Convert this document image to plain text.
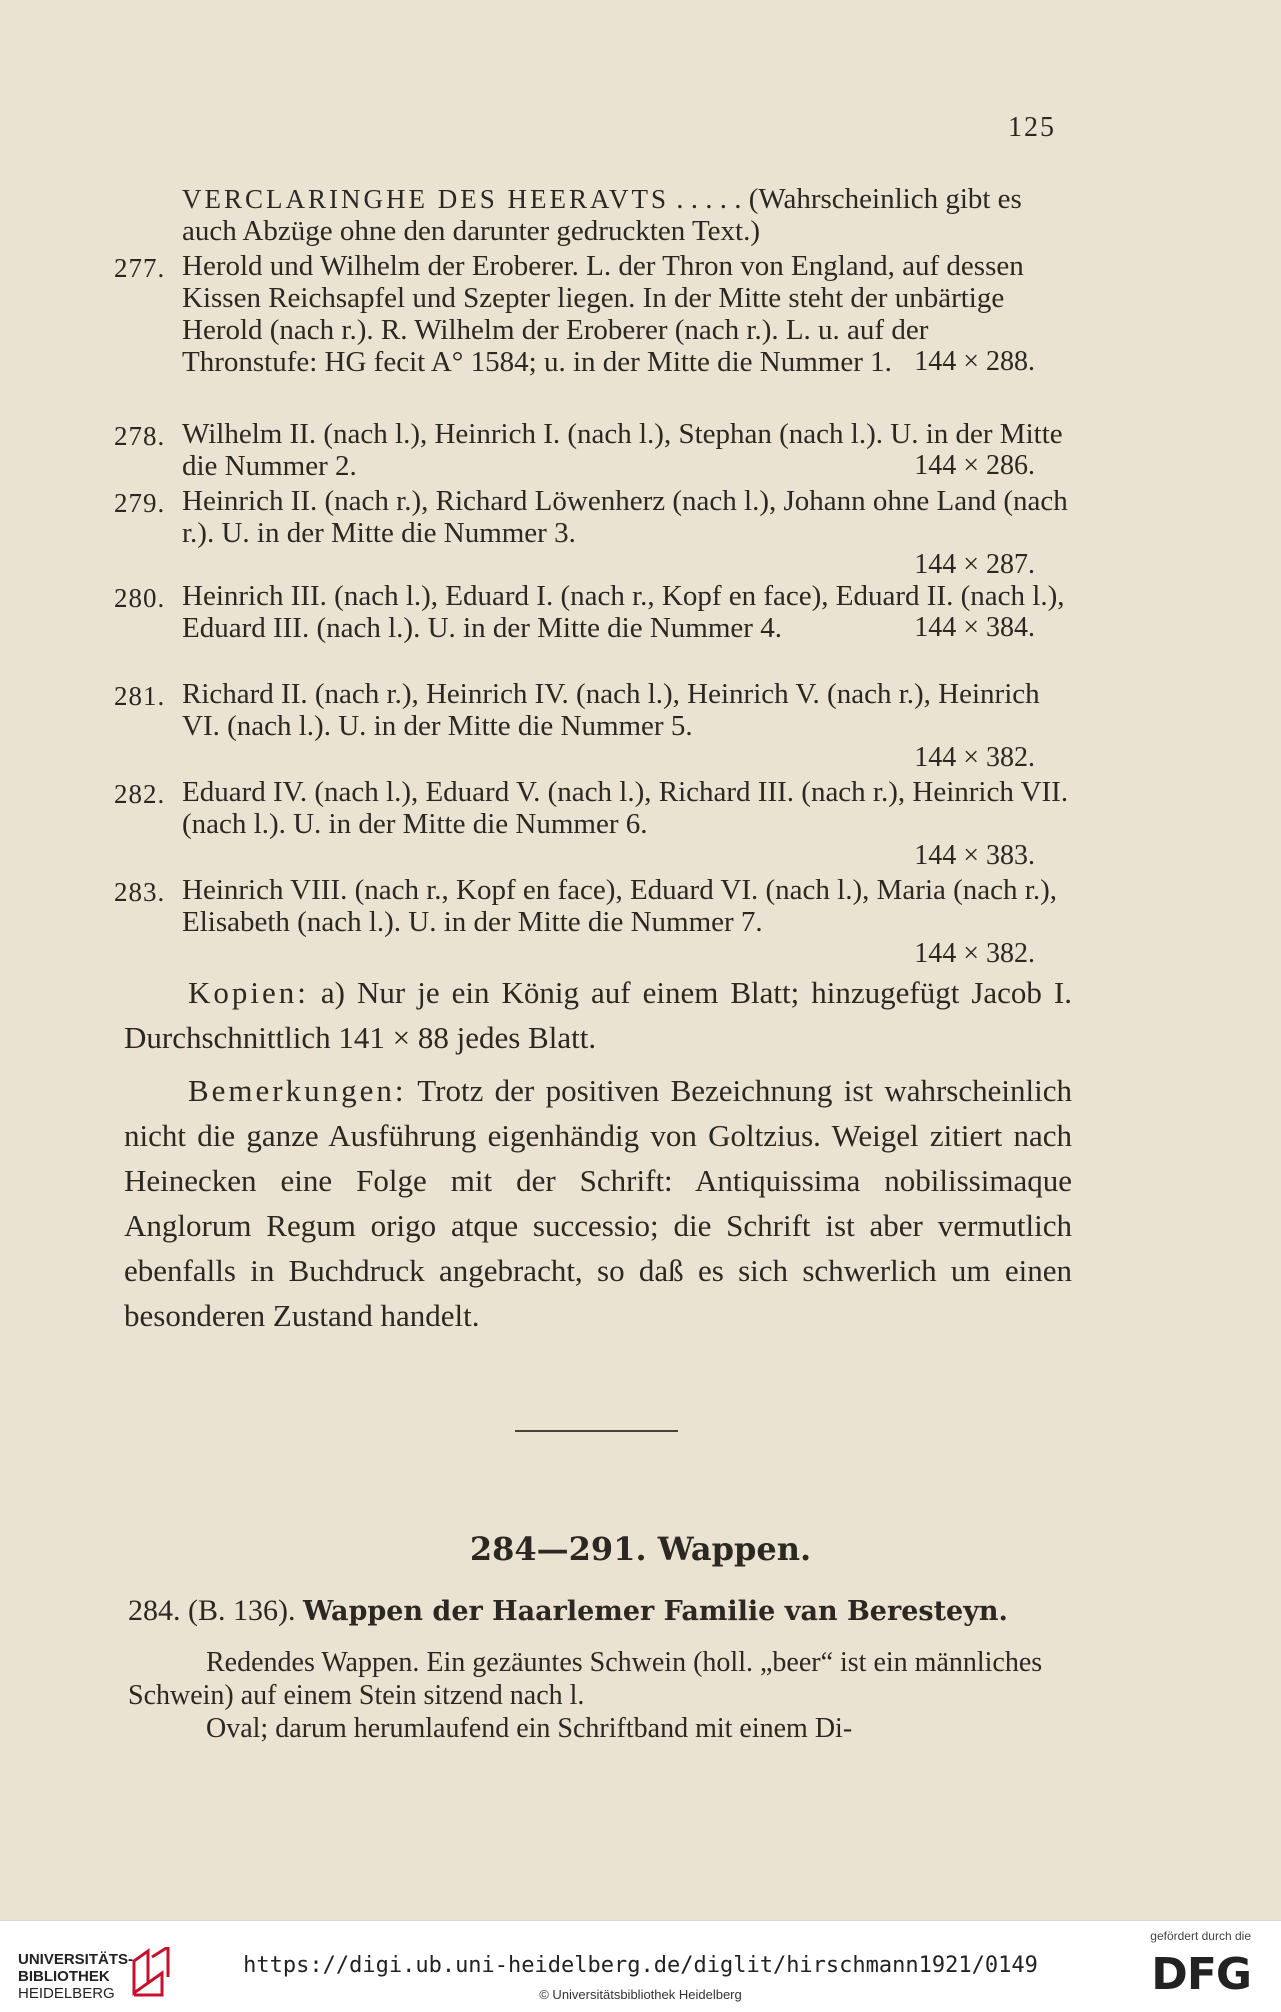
125
VERCLARINGHE DES HEERAVTS . . . . . (Wahrscheinlich gibt es auch Abzüge ohne den darunter gedruckten Text.)
277. Herold und Wilhelm der Eroberer. L. der Thron von England, auf dessen Kissen Reichsapfel und Szepter liegen. In der Mitte steht der unbärtige Herold (nach r.). R. Wilhelm der Eroberer (nach r.). L. u. auf der Thronstufe: HG fecit A° 1584; u. in der Mitte die Nummer 1. 144 × 288.
278. Wilhelm II. (nach l.), Heinrich I. (nach l.), Stephan (nach l.). U. in der Mitte die Nummer 2.	144 × 286.
279. Heinrich II. (nach r.), Richard Löwenherz (nach l.), Johann ohne Land (nach r.). U. in der Mitte die Nummer 3.
144 × 287.
280. Heinrich III. (nach l.), Eduard I. (nach r., Kopf en face), Eduard II. (nach l.), Eduard III. (nach l.). U. in der Mitte die Nummer 4.	144 × 384.
281. Richard II. (nach r.), Heinrich IV. (nach l.), Heinrich V. (nach r.), Heinrich VI. (nach l.). U. in der Mitte die Nummer 5.
144 × 382.
282. Eduard IV. (nach l.), Eduard V. (nach l.), Richard III. (nach r.), Heinrich VII. (nach l.). U. in der Mitte die Nummer 6.
144 × 383.
283. Heinrich VIII. (nach r., Kopf en face), Eduard VI. (nach l.), Maria (nach r.), Elisabeth (nach l.). U. in der Mitte die Nummer 7.
144 × 382.
Kopien: a) Nur je ein König auf einem Blatt; hinzugefügt Jacob I. Durchschnittlich 141 × 88 jedes Blatt.
Bemerkungen: Trotz der positiven Bezeichnung ist wahrscheinlich nicht die ganze Ausführung eigenhändig von Goltzius. Weigel zitiert nach Heinecken eine Folge mit der Schrift: Antiquissima nobilissimaque Anglorum Regum origo atque successio; die Schrift ist aber vermutlich ebenfalls in Buchdruck angebracht, so daß es sich schwerlich um einen besonderen Zustand handelt.
284—291. Wappen.
284. (B. 136). Wappen der Haarlemer Familie van Beresteyn.

Redendes Wappen. Ein gezäuntes Schwein (holl. „beer“ ist ein männliches Schwein) auf einem Stein sitzend nach l.

Oval; darum herumlaufend ein Schriftband mit einem Di-

UNIVERSITÄTS-
BIBLIOTHEK
HEIDELBERG
https://digi.ub.uni-heidelberg.de/diglit/hirschmann1921/0149
© Universitätsbibliothek Heidelberg
gefördert durch die
DFG
